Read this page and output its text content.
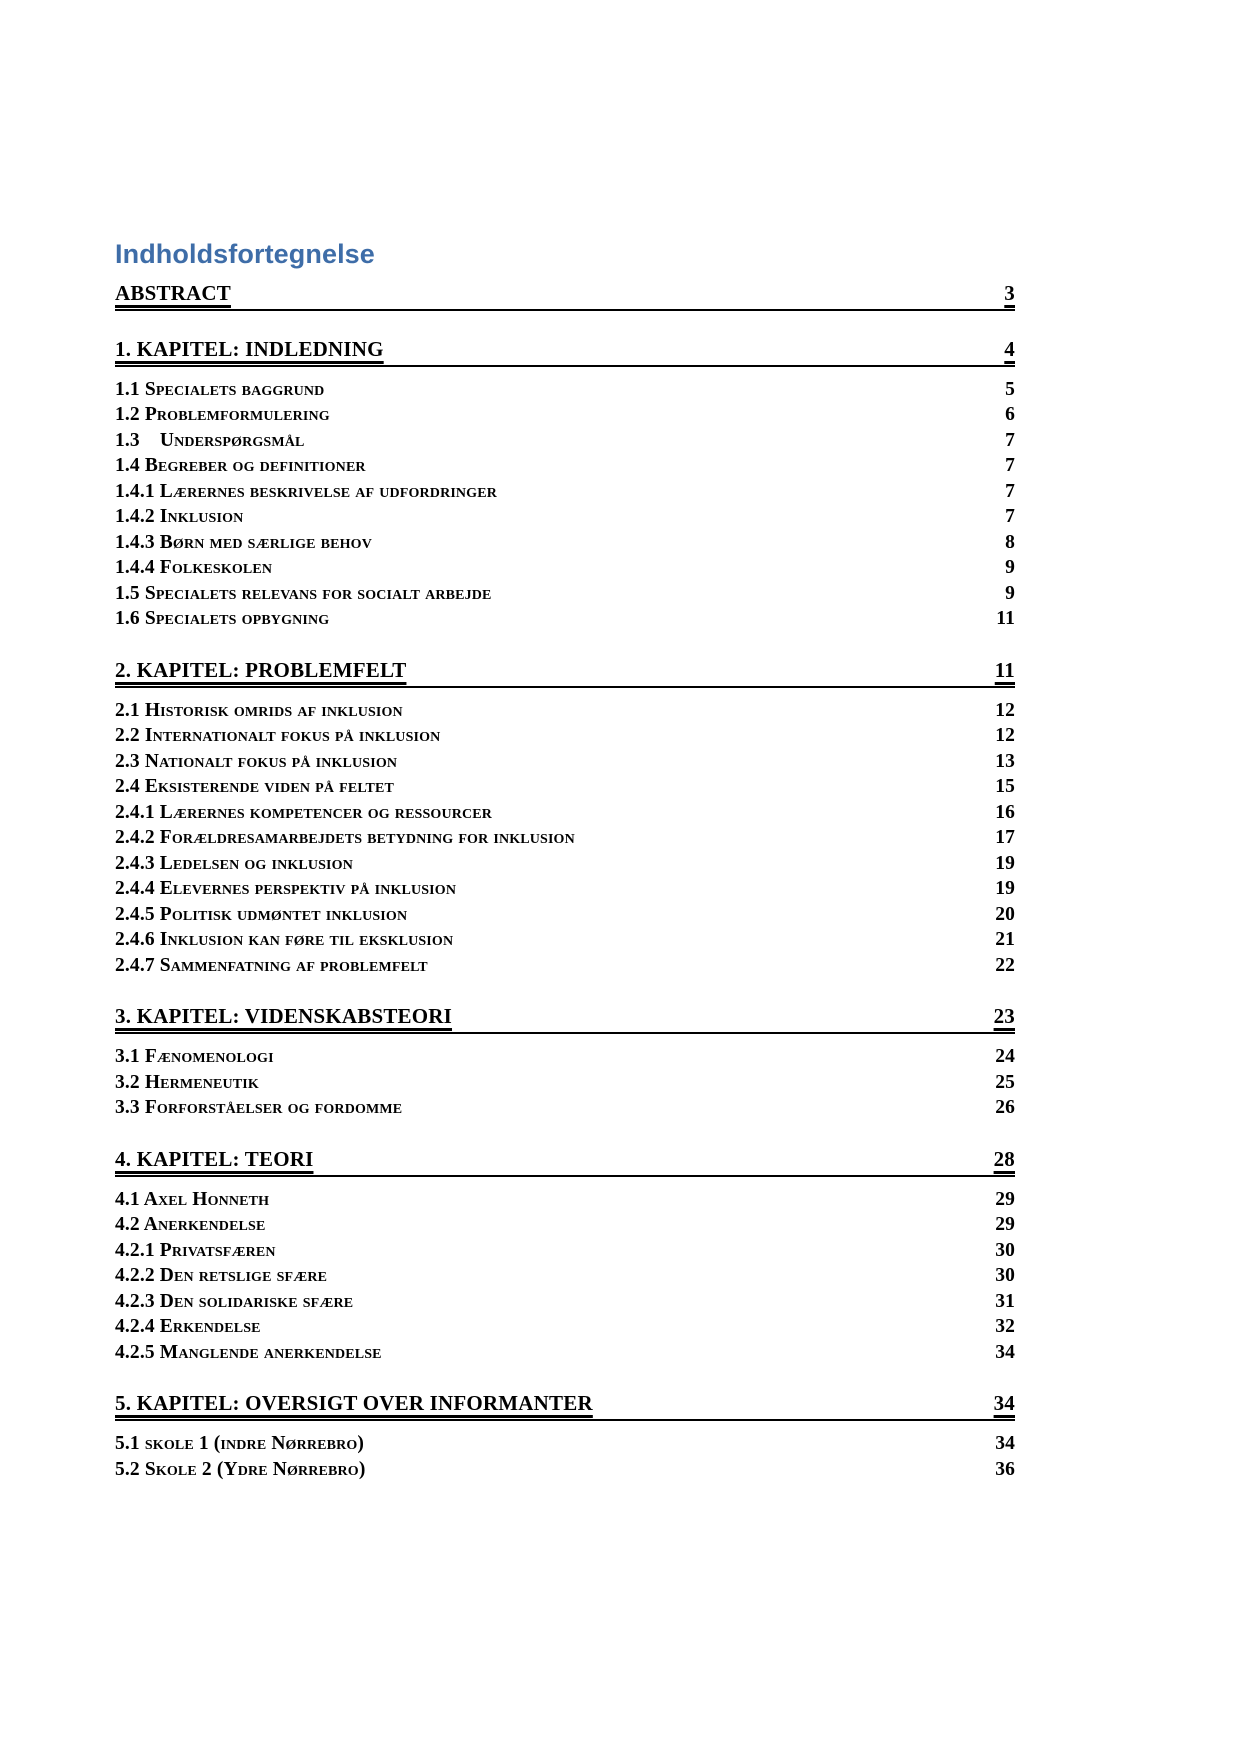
Indholdsfortegnelse
ABSTRACT	3
1. KAPITEL: INDLEDNING	4
1.1 Specialets baggrund	5
1.2 Problemformulering	6
1.3    Underspørgsmål	7
1.4 Begreber og definitioner	7
1.4.1 Lærernes beskrivelse af udfordringer	7
1.4.2 Inklusion	7
1.4.3 Børn med særlige behov	8
1.4.4 Folkeskolen	9
1.5 Specialets relevans for socialt arbejde	9
1.6 Specialets opbygning	11
2. KAPITEL: PROBLEMFELT	11
2.1 Historisk omrids af inklusion	12
2.2 Internationalt fokus på inklusion	12
2.3 Nationalt fokus på inklusion	13
2.4 Eksisterende viden på feltet	15
2.4.1 Lærernes kompetencer og ressourcer	16
2.4.2 Forældresamarbejdets betydning for inklusion	17
2.4.3 Ledelsen og inklusion	19
2.4.4 Elevernes perspektiv på inklusion	19
2.4.5 Politisk udmøntet inklusion	20
2.4.6 Inklusion kan føre til eksklusion	21
2.4.7 Sammenfatning af problemfelt	22
3. KAPITEL: VIDENSKABSTEORI	23
3.1 Fænomenologi	24
3.2 Hermeneutik	25
3.3 Forforståelser og fordomme	26
4. KAPITEL: TEORI	28
4.1 Axel Honneth	29
4.2 Anerkendelse	29
4.2.1 Privatsfæren	30
4.2.2 Den retslige sfære	30
4.2.3 Den solidariske sfære	31
4.2.4 Erkendelse	32
4.2.5 Manglende anerkendelse	34
5. KAPITEL: OVERSIGT OVER INFORMANTER	34
5.1 skole 1 (indre Nørrebro)	34
5.2 Skole 2 (Ydre Nørrebro)	36
